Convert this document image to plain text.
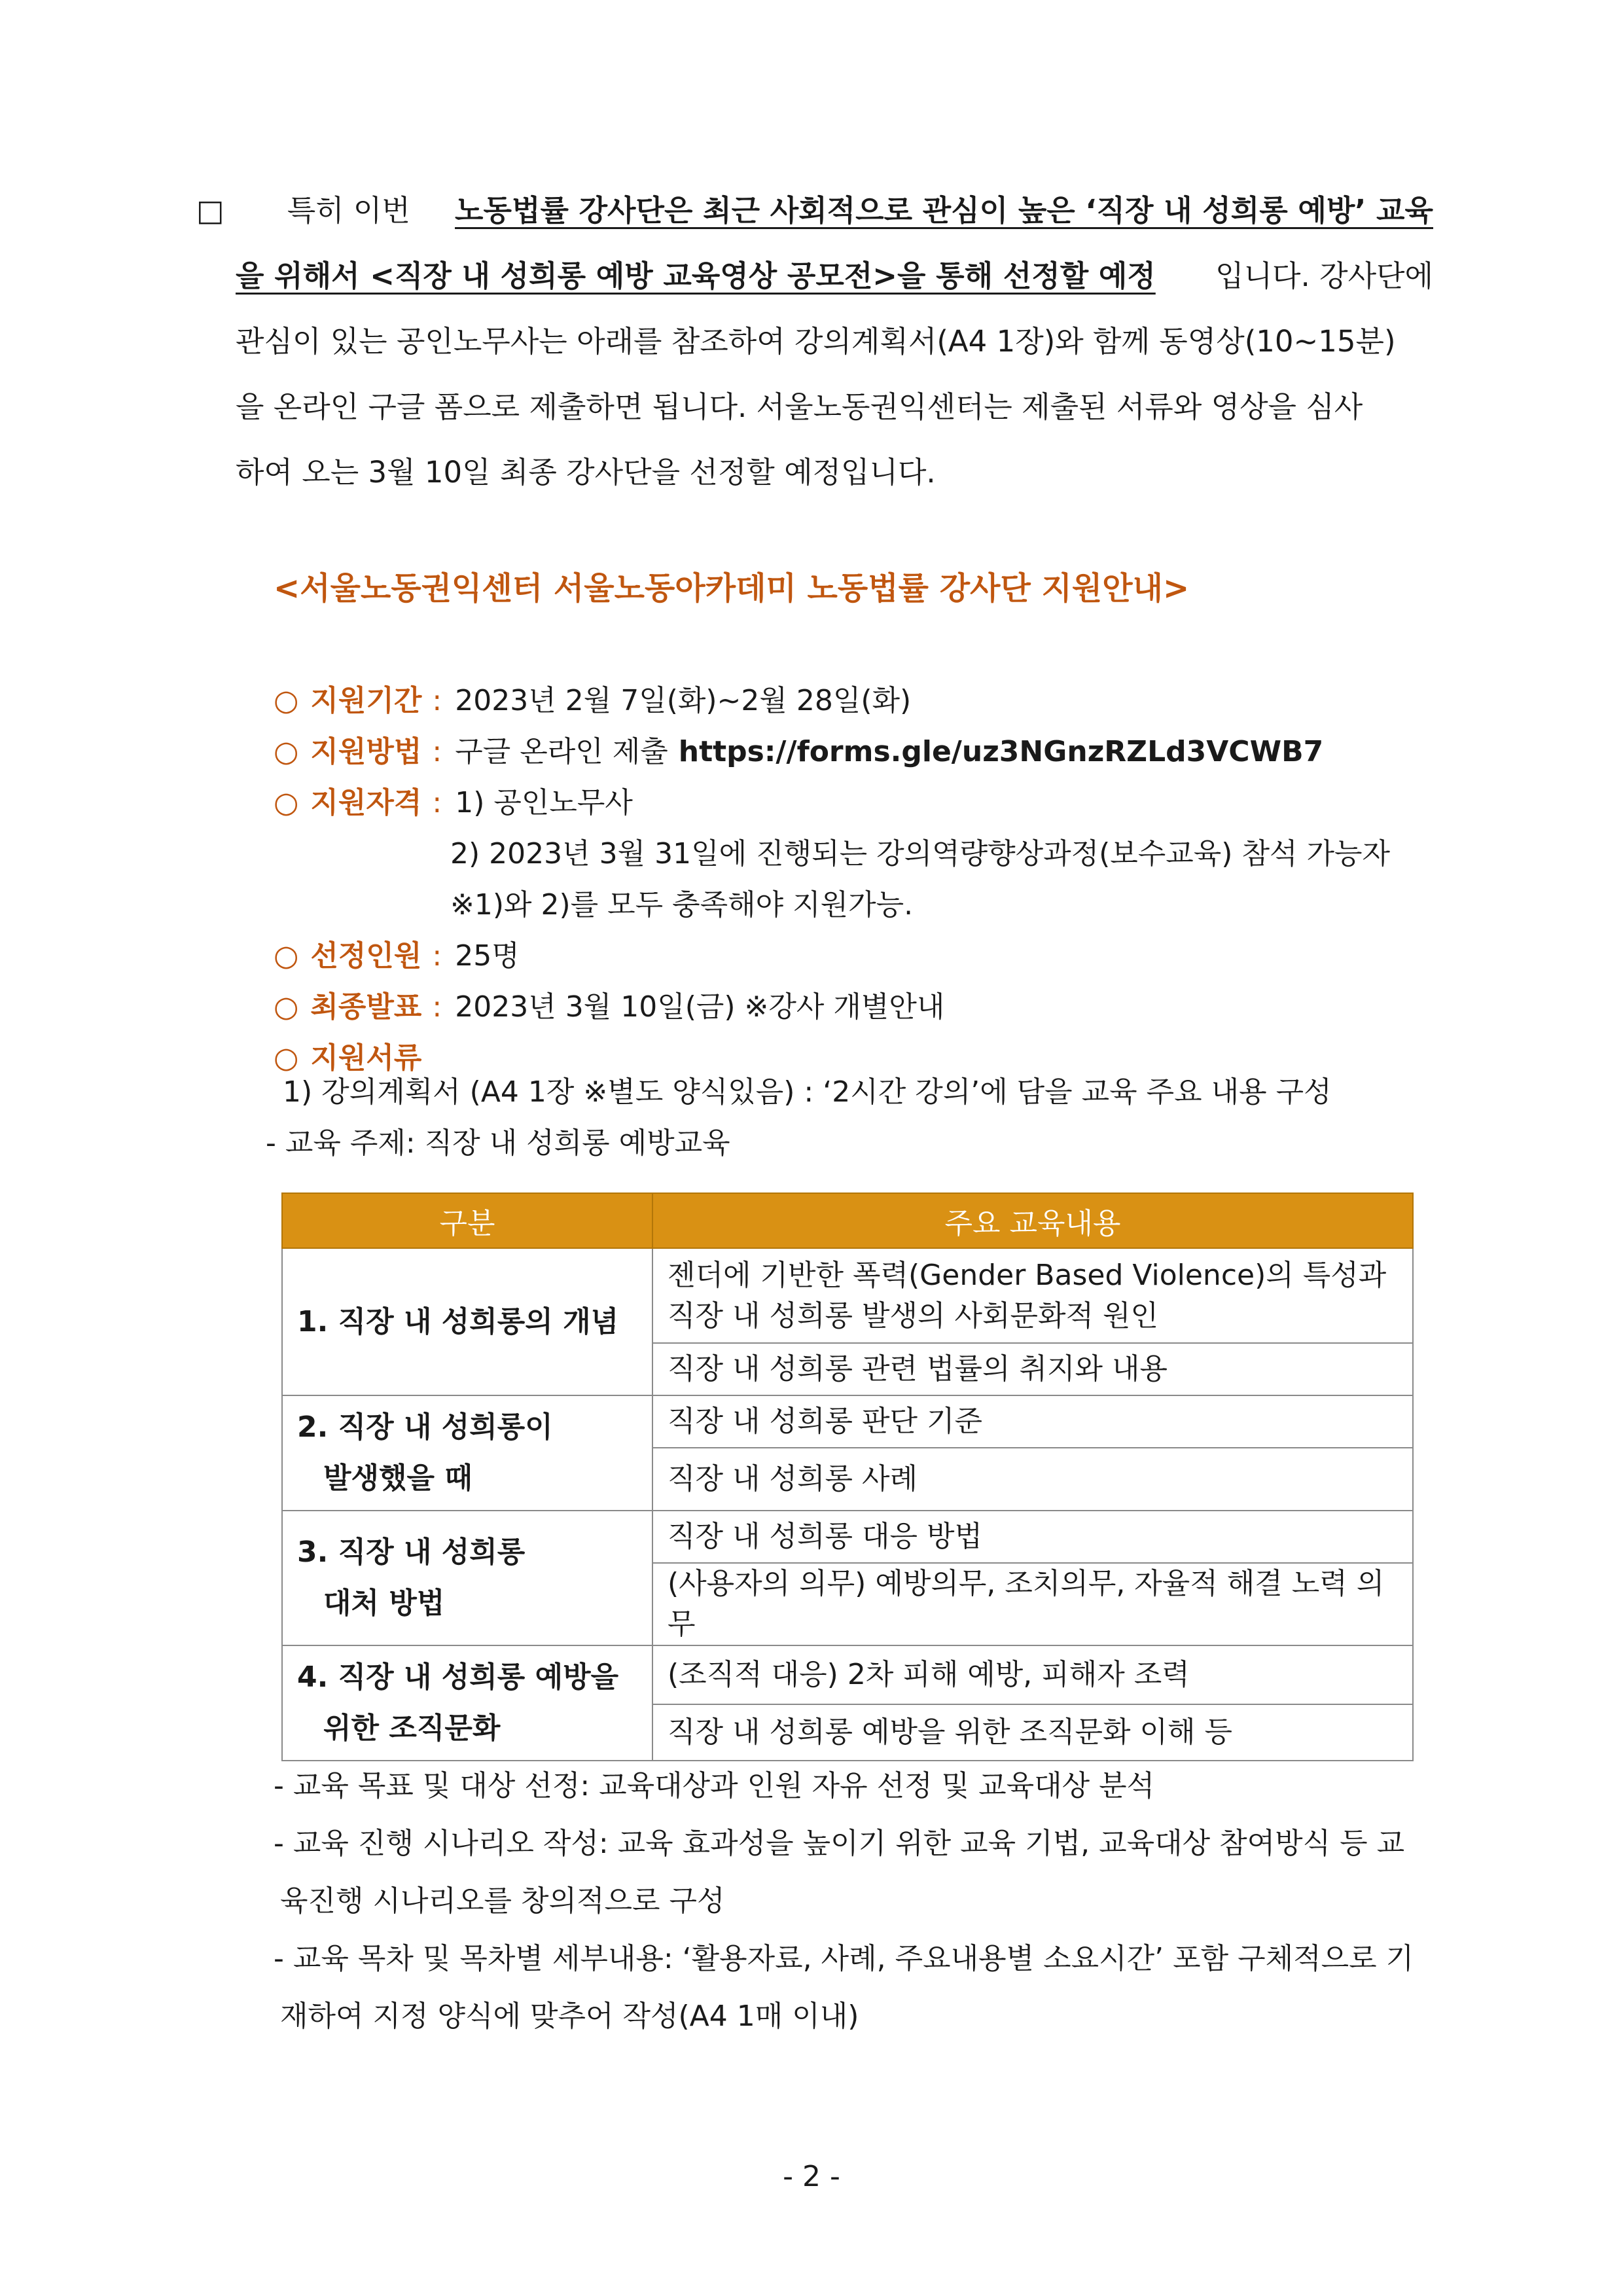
□ 특히 이번 노동법률 강사단은 최근 사회적으로 관심이 높은 ‘직장 내 성희롱 예방’ 교육
을 위해서 <직장 내 성희롱 예방 교육영상 공모전>을 통해 선정할 예정 입니다. 강사단에
관심이 있는 공인노무사는 아래를 참조하여 강의계획서(A4 1장)와 함께 동영상(10~15분)
을 온라인 구글 폼으로 제출하면 됩니다. 서울노동권익센터는 제출된 서류와 영상을 심사
하여 오는 3월 10일 최종 강사단을 선정할 예정입니다.
<서울노동권익센터 서울노동아카데미 노동법률 강사단 지원안내>
○ 지원기간 : 2023년 2월 7일(화)~2월 28일(화)
○ 지원방법 : 구글 온라인 제출 https://forms.gle/uz3NGnzRZLd3VCWB7
○ 지원자격 : 1) 공인노무사
2) 2023년 3월 31일에 진행되는 강의역량향상과정(보수교육) 참석 가능자
※1)와 2)를 모두 충족해야 지원가능.
○ 선정인원 : 25명
○ 최종발표 : 2023년 3월 10일(금) ※강사 개별안내
○ 지원서류
1) 강의계획서 (A4 1장 ※별도 양식있음) : ‘2시간 강의’에 담을 교육 주요 내용 구성
- 교육 주제: 직장 내 성희롱 예방교육
구분	주요 교육내용
1. 직장 내 성희롱의 개념	젠더에 기반한 폭력(Gender Based Violence)의 특성과
직장 내 성희롱 발생의 사회문화적 원인

	직장 내 성희롱 관련 법률의 취지와 내용
2. 직장 내 성희롱이
발생했을 때	직장 내 성희롱 판단 기준
	직장 내 성희롱 사례
3. 직장 내 성희롱
대처 방법	직장 내 성희롱 대응 방법
	(사용자의 의무) 예방의무, 조치의무, 자율적 해결 노력 의무
4. 직장 내 성희롱 예방을
위한 조직문화	(조직적 대응) 2차 피해 예방, 피해자 조력
	직장 내 성희롱 예방을 위한 조직문화 이해 등
- 교육 목표 및 대상 선정: 교육대상과 인원 자유 선정 및 교육대상 분석
- 교육 진행 시나리오 작성: 교육 효과성을 높이기 위한 교육 기법, 교육대상 참여방식 등 교
육진행 시나리오를 창의적으로 구성
- 교육 목차 및 목차별 세부내용: ‘활용자료, 사례, 주요내용별 소요시간’ 포함 구체적으로 기
재하여 지정 양식에 맞추어 작성(A4 1매 이내)
- 2 -
